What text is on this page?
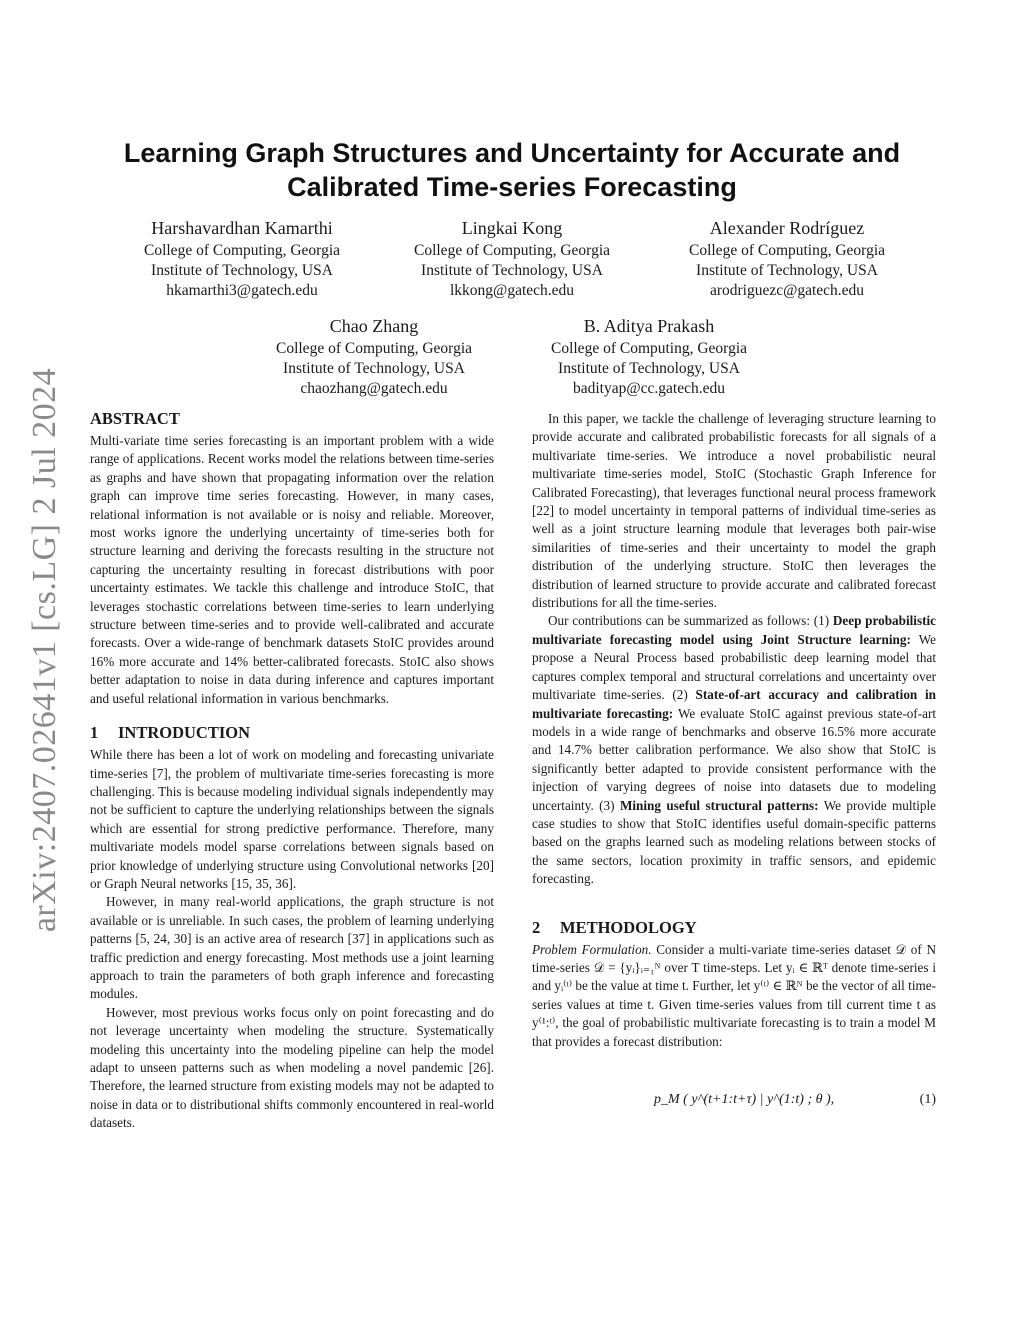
arXiv:2407.02641v1 [cs.LG] 2 Jul 2024
Learning Graph Structures and Uncertainty for Accurate and
Calibrated Time-series Forecasting
Harshavardhan Kamarthi
College of Computing, Georgia
Institute of Technology, USA
hkamarthi3@gatech.edu
Lingkai Kong
College of Computing, Georgia
Institute of Technology, USA
lkkong@gatech.edu
Alexander Rodríguez
College of Computing, Georgia
Institute of Technology, USA
arodriguezc@gatech.edu
Chao Zhang
College of Computing, Georgia
Institute of Technology, USA
chaozhang@gatech.edu
B. Aditya Prakash
College of Computing, Georgia
Institute of Technology, USA
badityap@cc.gatech.edu
ABSTRACT

Multi-variate time series forecasting is an important problem with a wide range of applications. Recent works model the relations between time-series as graphs and have shown that propagating information over the relation graph can improve time series forecasting. However, in many cases, relational information is not available or is noisy and reliable. Moreover, most works ignore the underlying uncertainty of time-series both for structure learning and deriving the forecasts resulting in the structure not capturing the uncertainty resulting in forecast distributions with poor uncertainty estimates. We tackle this challenge and introduce StoIC, that leverages stochastic correlations between time-series to learn underlying structure between time-series and to provide well-calibrated and accurate forecasts. Over a wide-range of benchmark datasets StoIC provides around 16% more accurate and 14% better-calibrated forecasts. StoIC also shows better adaptation to noise in data during inference and captures important and useful relational information in various benchmarks.

1 INTRODUCTION

While there has been a lot of work on modeling and forecasting univariate time-series [7], the problem of multivariate time-series forecasting is more challenging. This is because modeling individual signals independently may not be sufficient to capture the underlying relationships between the signals which are essential for strong predictive performance. Therefore, many multivariate models model sparse correlations between signals based on prior knowledge of underlying structure using Convolutional networks [20] or Graph Neural networks [15, 35, 36].

However, in many real-world applications, the graph structure is not available or is unreliable. In such cases, the problem of learning underlying patterns [5, 24, 30] is an active area of research [37] in applications such as traffic prediction and energy forecasting. Most methods use a joint learning approach to train the parameters of both graph inference and forecasting modules.

However, most previous works focus only on point forecasting and do not leverage uncertainty when modeling the structure. Systematically modeling this uncertainty into the modeling pipeline can help the model adapt to unseen patterns such as when modeling a novel pandemic [26]. Therefore, the learned structure from existing models may not be adapted to noise in data or to distributional shifts commonly encountered in real-world datasets.

In this paper, we tackle the challenge of leveraging structure learning to provide accurate and calibrated probabilistic forecasts for all signals of a multivariate time-series. We introduce a novel probabilistic neural multivariate time-series model, StoIC (Stochastic Graph Inference for Calibrated Forecasting), that leverages functional neural process framework [22] to model uncertainty in temporal patterns of individual time-series as well as a joint structure learning module that leverages both pair-wise similarities of time-series and their uncertainty to model the graph distribution of the underlying structure. StoIC then leverages the distribution of learned structure to provide accurate and calibrated forecast distributions for all the time-series.

Our contributions can be summarized as follows: (1) Deep probabilistic multivariate forecasting model using Joint Structure learning: We propose a Neural Process based probabilistic deep learning model that captures complex temporal and structural correlations and uncertainty over multivariate time-series. (2) State-of-art accuracy and calibration in multivariate forecasting: We evaluate StoIC against previous state-of-art models in a wide range of benchmarks and observe 16.5% more accurate and 14.7% better calibration performance. We also show that StoIC is significantly better adapted to provide consistent performance with the injection of varying degrees of noise into datasets due to modeling uncertainty. (3) Mining useful structural patterns: We provide multiple case studies to show that StoIC identifies useful domain-specific patterns based on the graphs learned such as modeling relations between stocks of the same sectors, location proximity in traffic sensors, and epidemic forecasting.

2 METHODOLOGY

Problem Formulation. Consider a multi-variate time-series dataset 𝒟 of N time-series 𝒟 = {yᵢ}ᵢ₌₁ᴺ over T time-steps. Let yᵢ ∈ ℝᵀ denote time-series i and yᵢ⁽ᵗ⁾ be the value at time t. Further, let y⁽ᵗ⁾ ∈ ℝᴺ be the vector of all time-series values at time t. Given time-series values from till current time t as y⁽¹:ᵗ⁾, the goal of probabilistic multivariate forecasting is to train a model M that provides a forecast distribution:

p_M ( y^(t+1:t+τ) | y^(1:t) ; θ ),	(1)
